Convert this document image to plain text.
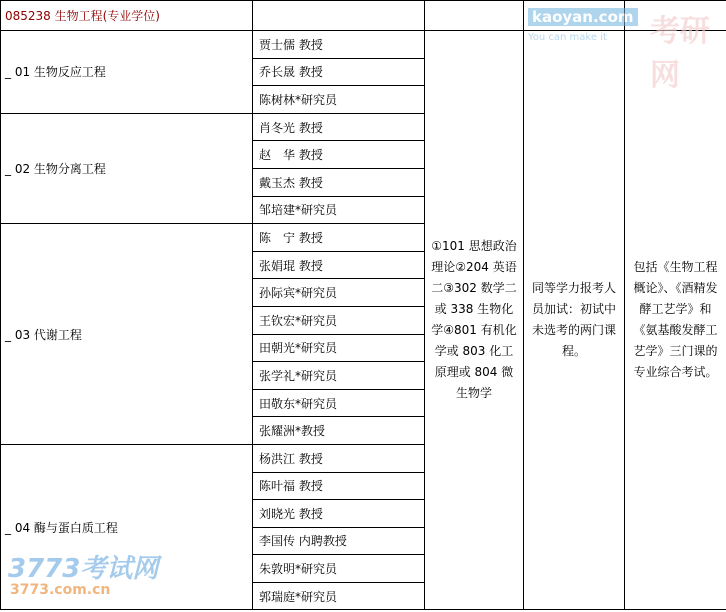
085238 生物工程(专业学位)				
_ 01 生物反应工程	贾士儒 教授	①101 思想政治理论②204 英语二③302 数学二或 338 生物化学④801 有机化学或 803 化工原理或 804 微生物学	同等学力报考人员加试：初试中未选考的两门课程。	包括《生物工程概论》、《酒精发酵工艺学》和《氨基酸发酵工艺学》三门课的专业综合考试。
	乔长晟 教授			
	陈树林*研究员			
_ 02 生物分离工程	肖冬光 教授			
	赵　华 教授			
	戴玉杰 教授			
	邹培建*研究员			
_ 03 代谢工程	陈　宁 教授			
	张娟琨 教授			
	孙际宾*研究员			
	王钦宏*研究员			
	田朝光*研究员			
	张学礼*研究员			
	田敬东*研究员			
	张耀洲*教授			
_ 04 酶与蛋白质工程	杨洪江 教授			
	陈叶福 教授			
	刘晓光 教授			
	李国传 内聘教授			
	朱敦明*研究员			
	郭瑞庭*研究员			
kaoyan.com
You can make it 考研网
3773考试网
3773.com.cn
